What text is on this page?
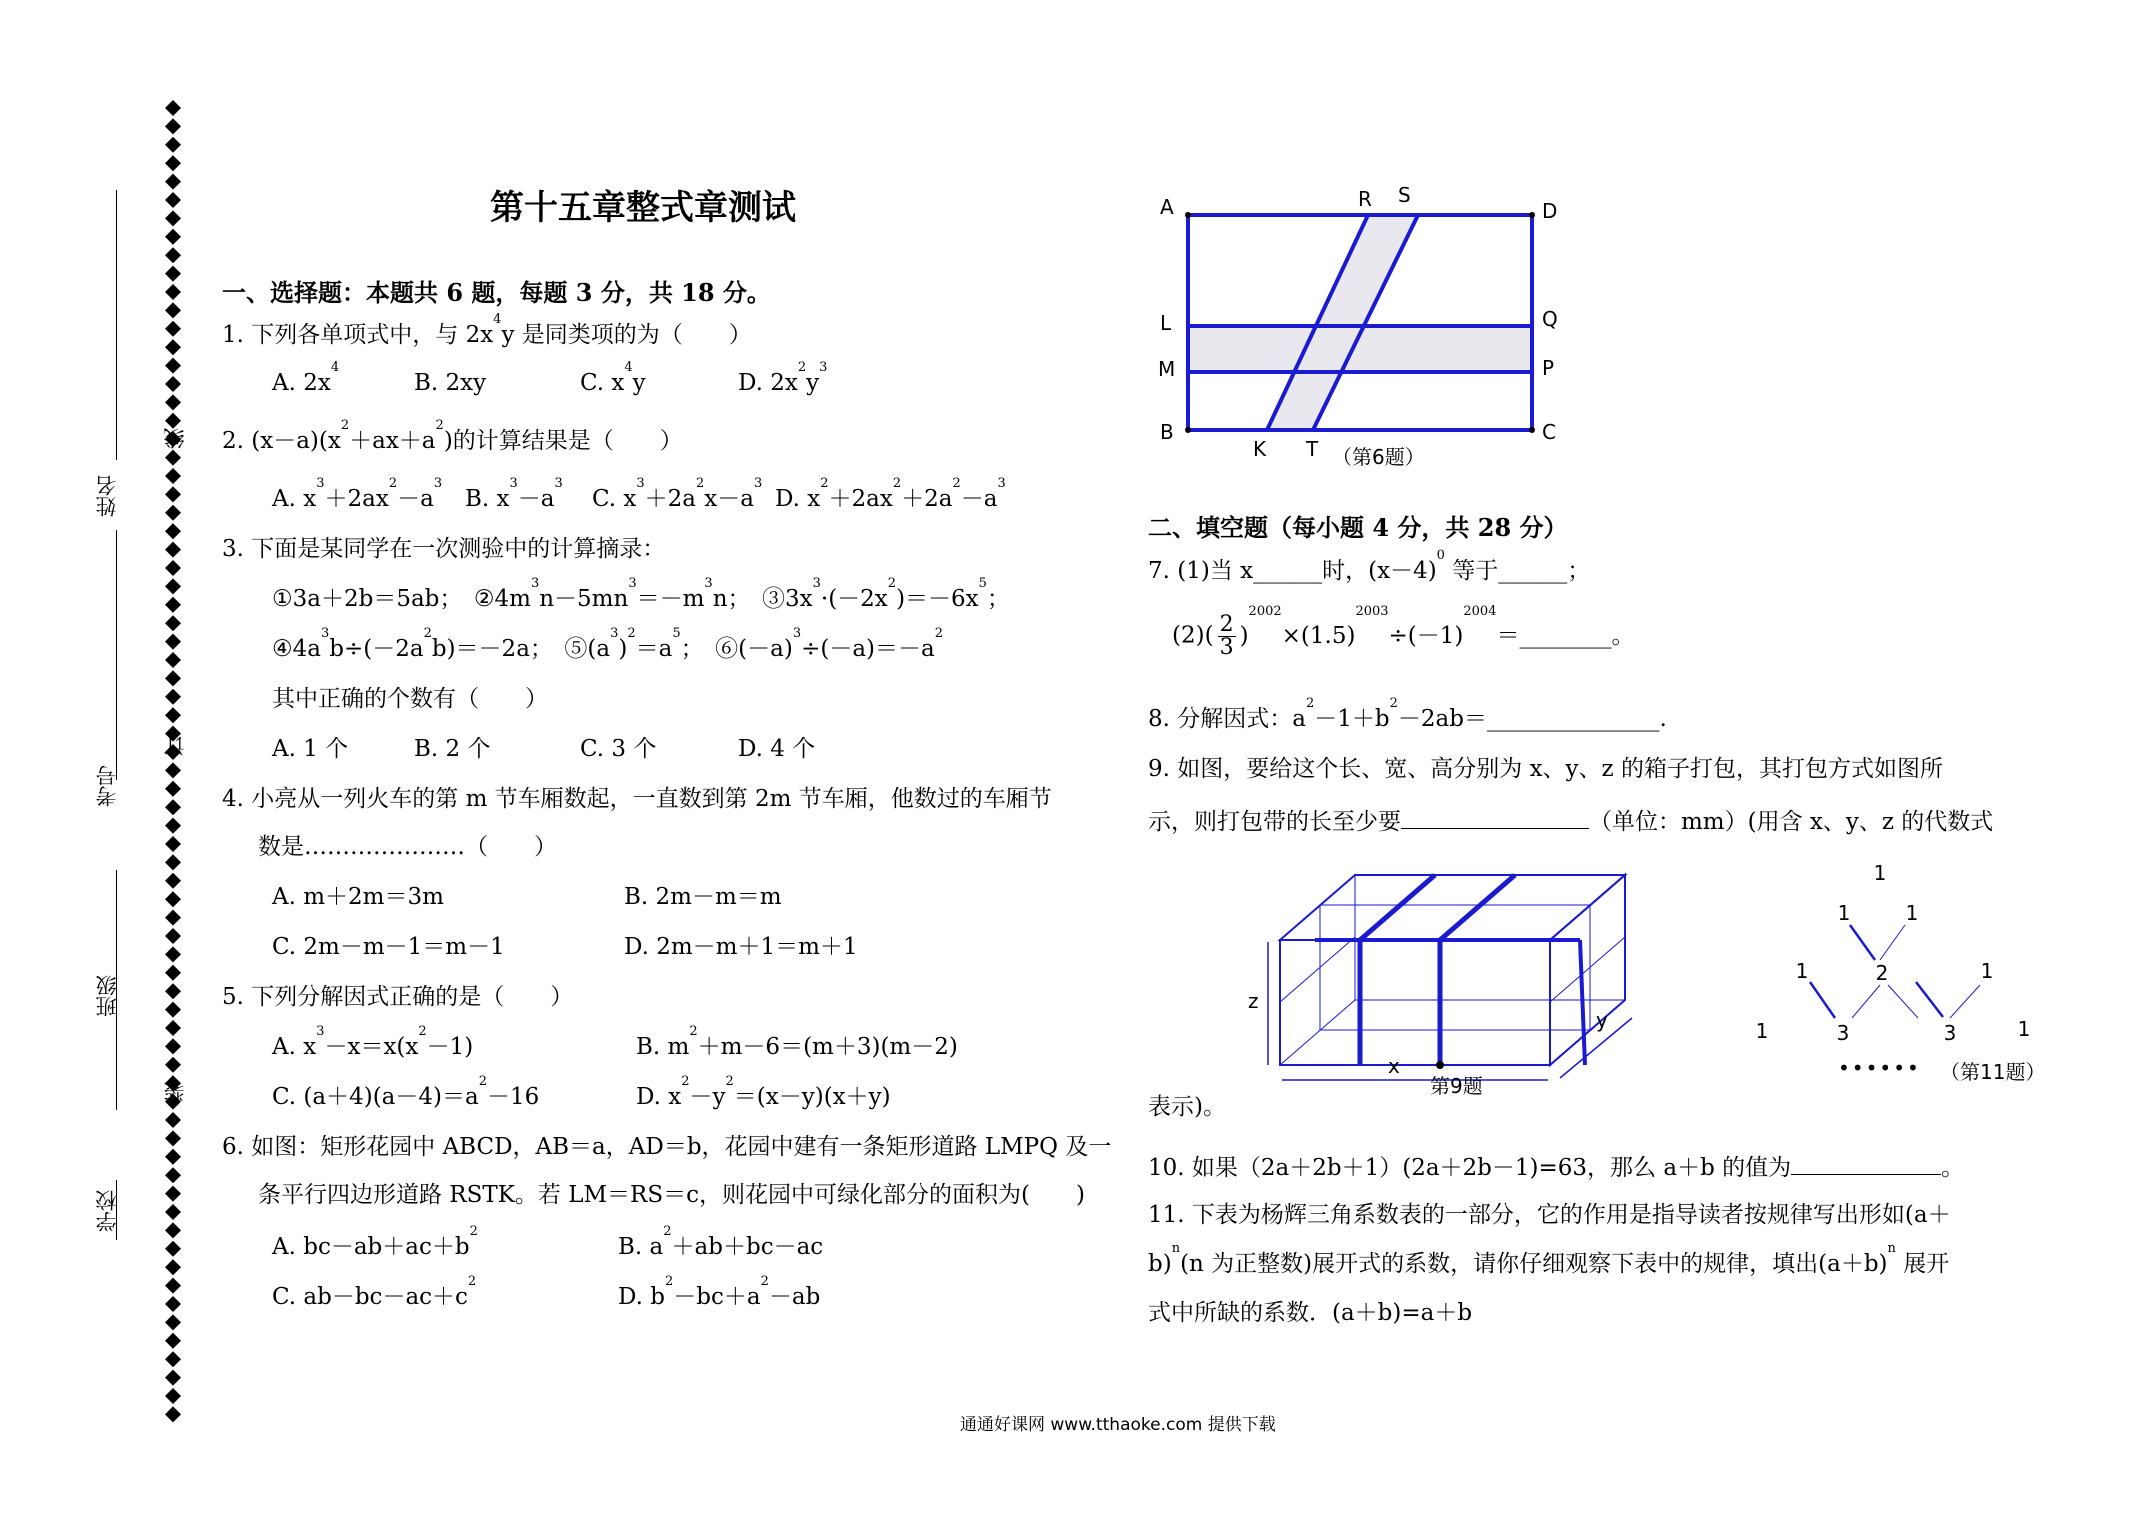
姓名
考号
班级
学校
线
订
装
第十五章整式章测试
一、选择题：本题共 6 题，每题 3 分，共 18 分。
1. 下列各单项式中，与 $2x^4y$ 是同类项的为（　　）
A. $2x^4$
B. 2xy	C. $x^4y$	D. $2x^2y^3$
2. $(x-a)(x^2+ax+a^2)$的计算结果是（　　）
A. $x^3+2ax^2-a^3$
B. $x^3-a^3$
C. $x^3+2a^2x-a^3$
D. $x^2+2ax^2+2a^2-a^3$
3. 下面是某同学在一次测验中的计算摘录：
①3a＋2b＝5ab；　$②4m^3n-5mn^3=-m^3n$；　$③3x^3\cdot(-2x^2)=-6x^5$；
$④4a^3b\div(-2a^2b)=-2a$；　$⑤(a^3)^2=a^5$；　$⑥(-a)^3\div(-a)=-a^2$
其中正确的个数有（　　）
A. 1 个	B. 2 个	C. 3 个	D. 4 个
4. 小亮从一列火车的第 m 节车厢数起，一直数到第 2m 节车厢，他数过的车厢节
数是…………………（　　）
A. m＋2m＝3m	B. 2m－m＝m
C. 2m－m－1＝m－1	D. 2m－m＋1＝m＋1
5. 下列分解因式正确的是（　　）
A. $x^3-x=x(x^2-1)$	B. $m^2+m-6=(m+3)(m-2)$
C. $(a+4)(a-4)=a^2-16$	D. $x^2-y^2=(x-y)(x+y)$
6. 如图：矩形花园中 ABCD，AB＝a，AD＝b，花园中建有一条矩形道路 LMPQ 及一
条平行四边形道路 RSTK。若 LM＝RS＝c，则花园中可绿化部分的面积为(　　)
A. $bc-ab+ac+b^2$
B. $a^2+ab+bc-ac$
C. $ab-bc-ac+c^2$
D. $b^2-bc+a^2-ab$
A	R S
D
L	Q
M	P
B
K T
C
（第6题）
二、填空题（每小题 4 分，共 28 分）
7. (1)当 x______时，$(x-4)^0$ 等于______；
$(2)( \frac{2}{3}$ )$^{2002}\times(1.5)^{2003}\div(-1)^{2004}=\_\_\_\_\_\_\_\_$。
8. 分解因式：$a^2-1+b^2-2ab=\_\_\_\_\_\_\_\_\_\_\_\_\_\_\_$.
9. 如图，要给这个长、宽、高分别为 x、y、z 的箱子打包，其打包方式如图所
示，则打包带的长至少要	（单位：mm）(用含 x、y、z 的代数式
z
x
y
第9题
1
1	1
1	2	1
1	3	3	1
•••••• （第11题）
表示)。
10. 如果（2a＋2b＋1）(2a＋2b－1)=63，那么 a＋b 的值为	。
11. 下表为杨辉三角系数表的一部分，它的作用是指导读者按规律写出形如(a＋
b)$^n$(n 为正整数)展开式的系数，请你仔细观察下表中的规律，填出$(a+b)^n$ 展开
式中所缺的系数．(a＋b)=a＋b
通通好课网 www.tthaoke.com 提供下载
